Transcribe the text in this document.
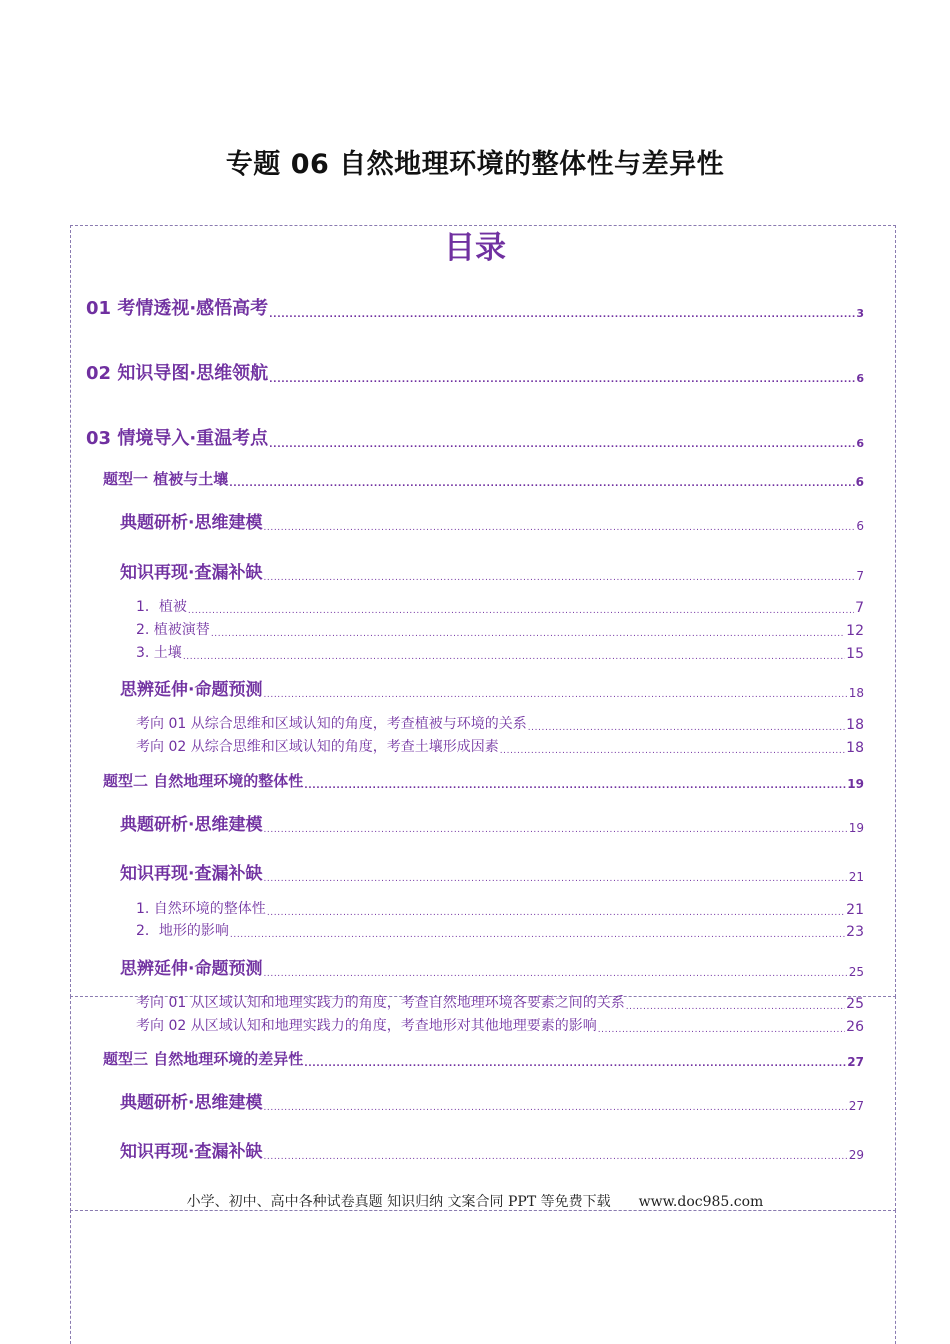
专题 06 自然地理环境的整体性与差异性
目录
01 考情透视·感悟高考 .....	3
02 知识导图·思维领航 .....	6
03 情境导入·重温考点 .....	6
题型一 植被与土壤 .....	6
典题研析·思维建模 .....	6
知识再现·查漏补缺 .....	7
1．植被 .....	7
2. 植被演替 .....	12
3. 土壤 .....	15
思辨延伸·命题预测 .....	18
考向 01 从综合思维和区域认知的角度，考查植被与环境的关系 .....	18
考向 02 从综合思维和区域认知的角度，考查土壤形成因素 .....	18
题型二 自然地理环境的整体性 .....	19
典题研析·思维建模 .....	19
知识再现·查漏补缺 .....	21
1. 自然环境的整体性 .....	21
2．地形的影响 .....	23
思辨延伸·命题预测 .....	25
考向 01 从区域认知和地理实践力的角度，考查自然地理环境各要素之间的关系 .....	25
考向 02 从区域认知和地理实践力的角度，考查地形对其他地理要素的影响 .....	26
题型三 自然地理环境的差异性 .....	27
典题研析·思维建模 .....	27
知识再现·查漏补缺 .....	29
小学、初中、高中各种试卷真题 知识归纳 文案合同 PPT 等免费下载 www.doc985.com
